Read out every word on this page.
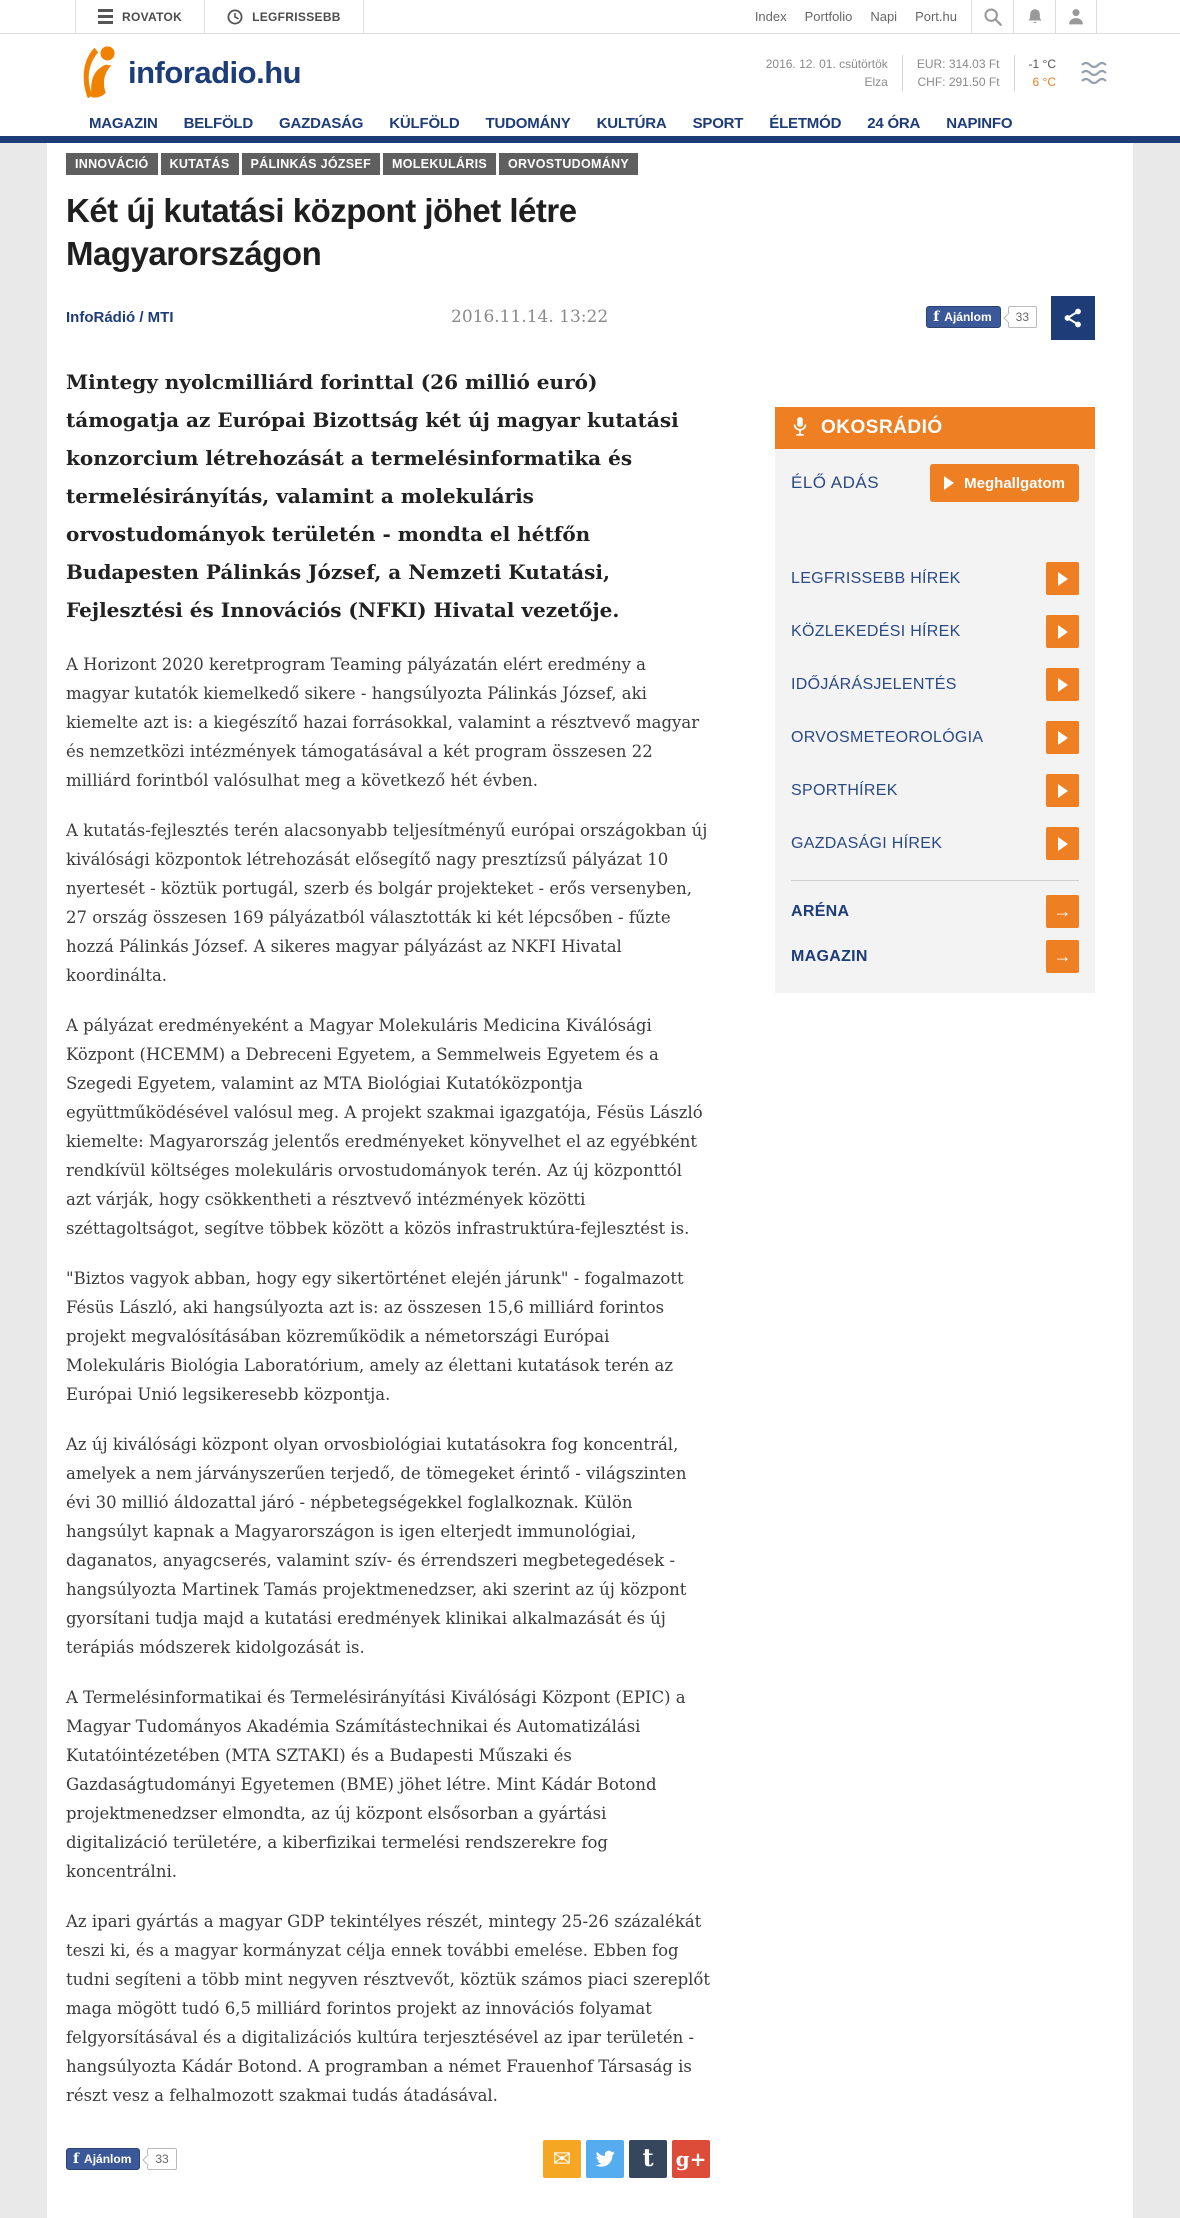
ROVATOK	LEGFRISSEBB	Index Portfolio Napi Port.hu
inforadio.hu	2016. 12. 01. csütörtök
Elza
EUR: 314.03 Ft
CHF: 291.50 Ft
-1 °C
6 °C
MAGAZIN BELFÖLD GAZDASÁG KÜLFÖLD TUDOMÁNY KULTÚRA SPORT ÉLETMÓD 24 ÓRA NAPINFO
INNOVÁCIÓ	KUTATÁS	PÁLINKÁS JÓZSEF	MOLEKULÁRIS	ORVOSTUDOMÁNY
Két új kutatási központ jöhet létre Magyarországon
InfoRádió / MTI	2016.11.14. 13:22	f Ajánlom	33

Mintegy nyolcmilliárd forinttal (26 millió euró) támogatja az Európai Bizottság két új magyar kutatási konzorcium létrehozását a termelésinformatika és termelésirányítás, valamint a molekuláris orvostudományok területén - mondta el hétfőn Budapesten Pálinkás József, a Nemzeti Kutatási, Fejlesztési és Innovációs (NFKI) Hivatal vezetője.

A Horizont 2020 keretprogram Teaming pályázatán elért eredmény a magyar kutatók kiemelkedő sikere - hangsúlyozta Pálinkás József, aki kiemelte azt is: a kiegészítő hazai forrásokkal, valamint a résztvevő magyar és nemzetközi intézmények támogatásával a két program összesen 22 milliárd forintból valósulhat meg a következő hét évben.

A kutatás-fejlesztés terén alacsonyabb teljesítményű európai országokban új kiválósági központok létrehozását elősegítő nagy presztízsű pályázat 10 nyertesét - köztük portugál, szerb és bolgár projekteket - erős versenyben, 27 ország összesen 169 pályázatból választották ki két lépcsőben - fűzte hozzá Pálinkás József. A sikeres magyar pályázást az NKFI Hivatal koordinálta.

A pályázat eredményeként a Magyar Molekuláris Medicina Kiválósági Központ (HCEMM) a Debreceni Egyetem, a Semmelweis Egyetem és a Szegedi Egyetem, valamint az MTA Biológiai Kutatóközpontja együttműködésével valósul meg. A projekt szakmai igazgatója, Fésüs László kiemelte: Magyarország jelentős eredményeket könyvelhet el az egyébként rendkívül költséges molekuláris orvostudományok terén. Az új központtól azt várják, hogy csökkentheti a résztvevő intézmények közötti széttagoltságot, segítve többek között a közös infrastruktúra-fejlesztést is.

"Biztos vagyok abban, hogy egy sikertörténet elején járunk" - fogalmazott Fésüs László, aki hangsúlyozta azt is: az összesen 15,6 milliárd forintos projekt megvalósításában közreműködik a németországi Európai Molekuláris Biológia Laboratórium, amely az élettani kutatások terén az Európai Unió legsikeresebb központja.

Az új kiválósági központ olyan orvosbiológiai kutatásokra fog koncentrál, amelyek a nem járványszerűen terjedő, de tömegeket érintő - világszinten évi 30 millió áldozattal járó - népbetegségekkel foglalkoznak. Külön hangsúlyt kapnak a Magyarországon is igen elterjedt immunológiai, daganatos, anyagcserés, valamint szív- és érrendszeri megbetegedések - hangsúlyozta Martinek Tamás projektmenedzser, aki szerint az új központ gyorsítani tudja majd a kutatási eredmények klinikai alkalmazását és új terápiás módszerek kidolgozását is.

A Termelésinformatikai és Termelésirányítási Kiválósági Központ (EPIC) a Magyar Tudományos Akadémia Számítástechnikai és Automatizálási Kutatóintézetében (MTA SZTAKI) és a Budapesti Műszaki és Gazdaságtudományi Egyetemen (BME) jöhet létre. Mint Kádár Botond projektmenedzser elmondta, az új központ elsősorban a gyártási digitalizáció területére, a kiberfizikai termelési rendszerekre fog koncentrálni.

Az ipari gyártás a magyar GDP tekintélyes részét, mintegy 25-26 százalékát teszi ki, és a magyar kormányzat célja ennek további emelése. Ebben fog tudni segíteni a több mint negyven résztvevőt, köztük számos piaci szereplőt maga mögött tudó 6,5 milliárd forintos projekt az innovációs folyamat felgyorsításával és a digitalizációs kultúra terjesztésével az ipar területén - hangsúlyozta Kádár Botond. A programban a német Frauenhof Társaság is részt vesz a felhalmozott szakmai tudás átadásával.

f Ajánlom	33	✉	t g+
OKOSRÁDIÓ
ÉLŐ ADÁS	Meghallgatom
LEGFRISSEBB HÍREK
KÖZLEKEDÉSI HÍREK
IDŐJÁRÁSJELENTÉS
ORVOSMETEOROLÓGIA
SPORTHÍREK
GAZDASÁGI HÍREK
ARÉNA	→
MAGAZIN	→
